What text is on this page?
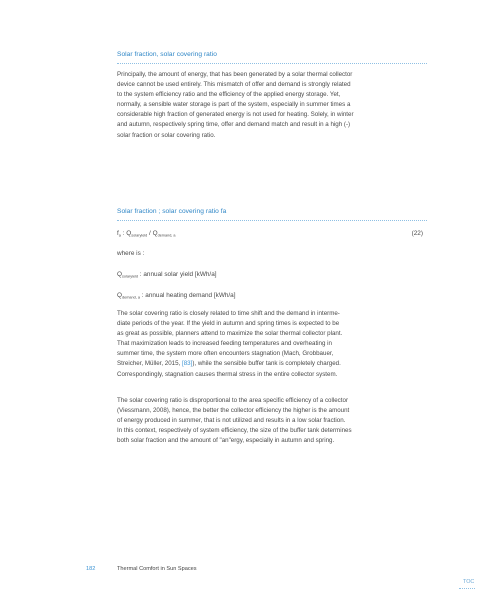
Solar fraction, solar covering ratio

Principally, the amount of energy, that has been generated by a solar thermal collector

device cannot be used entirely. This mismatch of offer and demand is strongly related

to the system efficiency ratio and the efficiency of the applied energy storage. Yet,

normally, a sensible water storage is part of the system, especially in summer times a

considerable high fraction of generated energy is not used for heating. Solely, in winter

and autumn, respectively spring time, offer and demand match and result in a high (-)

solar fraction or solar covering ratio.

Solar fraction ; solar covering ratio fa
$f_a$ : $Q_{solaryield} / Q_{demand, a}$	(22)
where is :
$Q_{solaryield}$ : annual solar yield [kWh/a]
$Q_{demand, a}$ : annual heating demand [kWh/a]

The solar covering ratio is closely related to time shift and the demand in interme-

diate periods of the year. If the yield in autumn and spring times is expected to be

as great as possible, planners attend to maximize the solar thermal collector plant.

That maximization leads to increased feeding temperatures and overheating in

summer time, the system more often encounters stagnation (Mach, Grobbauer,

Streicher, Müller, 2015, [83]), while the sensible buffer tank is completely charged.

Correspondingly, stagnation causes thermal stress in the entire collector system.

The solar covering ratio is disproportional to the area specific efficiency of a collector

(Viessmann, 2008), hence, the better the collector efficiency the higher is the amount

of energy produced in summer, that is not utilized and results in a low solar fraction.

In this context, respectively of system efficiency, the size of the buffer tank determines

both solar fraction and the amount of "an"ergy, especially in autumn and spring.

182	Thermal Comfort in Sun Spaces
TOC
